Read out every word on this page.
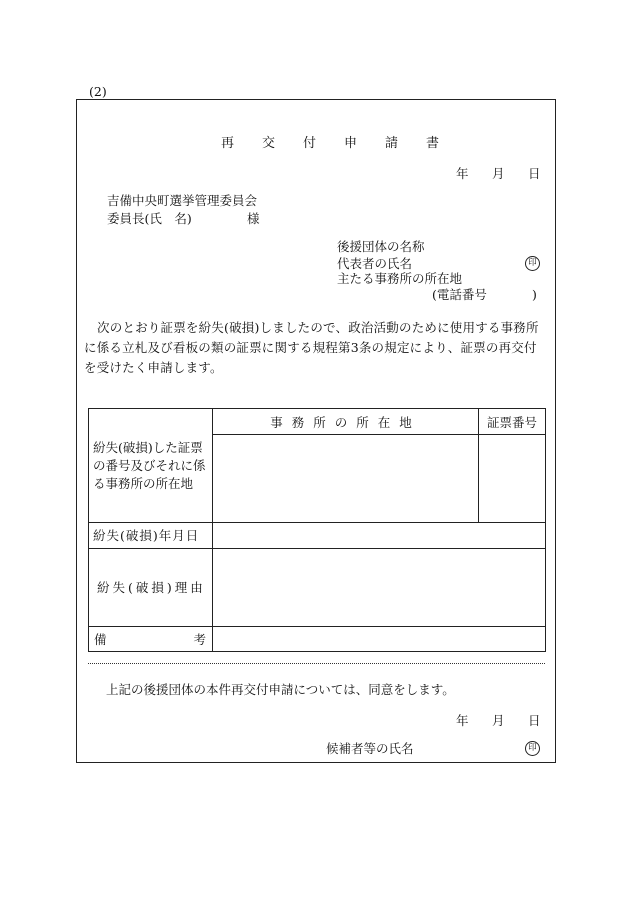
(2)
再交付申請書
年 月 日
吉備中央町選挙管理委員会
委員長(氏　名)	様
後援団体の名称
代表者の氏名	印
主たる事務所の所在地
(電話番号	)
次のとおり証票を紛失(破損)しましたので、政治活動のために使用する事務所に係る立札及び看板の類の証票に関する規程第3条の規定により、証票の再交付を受けたく申請します。
紛失(破損)した証票の番号及びそれに係る事務所の所在地	事務所の所在地	証票番号

紛失(破損)年月日		
紛失(破損)理由		

備 考		

上記の後援団体の本件再交付申請については、同意をします。
年 月 日
候補者等の氏名	印
